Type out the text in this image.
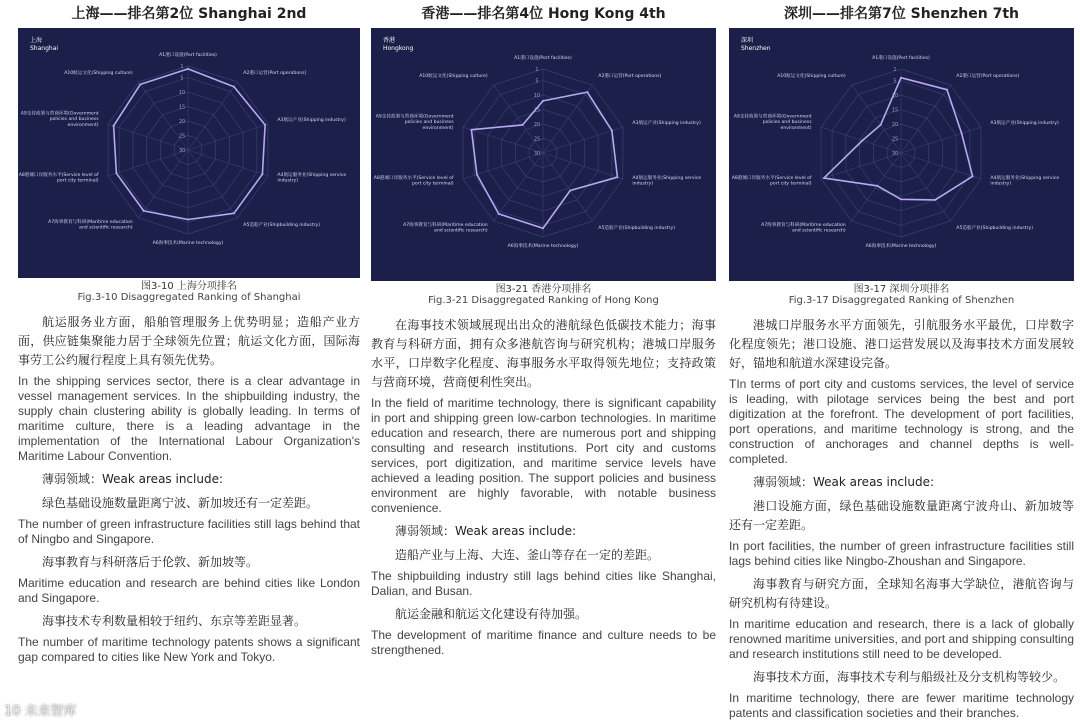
上海——排名第2位 Shanghai 2nd
上海
Shanghai
1
5
10
15
20
25
30
A1港口设施(Port facilities)
A2港口运营(Port operations)
A3航运产业(Shipping industry)
A4航运服务业(Shipping service industry)
A5造船产业(Shipbuilding industry)
A6海事技术(Marine technology)
A7海事教育与科研(Maritime education and scientific research)
A8港城口岸服务水平(Service level of port city terminal)
A9支持政策与营商环境(Government policies and business environment)
A10航运文化(Shipping culture)
图3-10 上海分项排名
Fig.3-10 Disaggregated Ranking of Shanghai
航运服务业方面，船舶管理服务上优势明显；造船产业方面，供应链集聚能力居于全球领先位置；航运文化方面，国际海事劳工公约履行程度上具有领先优势。
In the shipping services sector, there is a clear advantage in vessel management services. In the shipbuilding industry, the supply chain clustering ability is globally leading. In terms of maritime culture, there is a leading advantage in the implementation of the International Labour Organization's Maritime Labour Convention.
薄弱领域：Weak areas include:
绿色基础设施数量距离宁波、新加坡还有一定差距。
The number of green infrastructure facilities still lags behind that of Ningbo and Singapore.
海事教育与科研落后于伦敦、新加坡等。
Maritime education and research are behind cities like London and Singapore.
海事技术专利数量相较于纽约、东京等差距显著。
The number of maritime technology patents shows a significant gap compared to cities like New York and Tokyo.
香港——排名第4位 Hong Kong 4th
香港
Hongkong
1
5
10
15
20
25
30
A1港口设施(Port facilities)
A2港口运营(Port operations)
A3航运产业(Shipping industry)
A4航运服务业(Shipping service industry)
A5造船产业(Shipbuilding industry)
A6海事技术(Marine technology)
A7海事教育与科研(Maritime education and scientific research)
A8港城口岸服务水平(Service level of port city terminal)
A9支持政策与营商环境(Government policies and business environment)
A10航运文化(Shipping culture)
图3-21 香港分项排名
Fig.3-21 Disaggregated Ranking of Hong Kong
在海事技术领域展现出出众的港航绿色低碳技术能力；海事教育与科研方面，拥有众多港航咨询与研究机构；港城口岸服务水平，口岸数字化程度、海事服务水平取得领先地位；支持政策与营商环境，营商便利性突出。
In the field of maritime technology, there is significant capability in port and shipping green low-carbon technologies. In maritime education and research, there are numerous port and shipping consulting and research institutions. Port city and customs services, port digitization, and maritime service levels have achieved a leading position. The support policies and business environment are highly favorable, with notable business convenience.
薄弱领域：Weak areas include:
造船产业与上海、大连、釜山等存在一定的差距。
The shipbuilding industry still lags behind cities like Shanghai, Dalian, and Busan.
航运金融和航运文化建设有待加强。
The development of maritime finance and culture needs to be strengthened.
深圳——排名第7位 Shenzhen 7th
深圳
Shenzhen
1
5
10
15
20
25
30
A1港口设施(Port facilities)
A2港口运营(Port operations)
A3航运产业(Shipping industry)
A4航运服务业(Shipping service industry)
A5造船产业(Shipbuilding industry)
A6海事技术(Marine technology)
A7海事教育与科研(Maritime education and scientific research)
A8港城口岸服务水平(Service level of port city terminal)
A9支持政策与营商环境(Government policies and business environment)
A10航运文化(Shipping culture)
图3-17 深圳分项排名
Fig.3-17 Disaggregated Ranking of Shenzhen
港城口岸服务水平方面领先，引航服务水平最优，口岸数字化程度领先；港口设施、港口运营发展以及海事技术方面发展较好，锚地和航道水深建设完备。
TIn terms of port city and customs services, the level of service is leading, with pilotage services being the best and port digitization at the forefront. The development of port facilities, port operations, and maritime technology is strong, and the construction of anchorages and channel depths is well-completed.
薄弱领域：Weak areas include:
港口设施方面，绿色基础设施数量距离宁波舟山、新加坡等还有一定差距。
In port facilities, the number of green infrastructure facilities still lags behind cities like Ningbo-Zhoushan and Singapore.
海事教育与研究方面，全球知名海事大学缺位，港航咨询与研究机构有待建设。
In maritime education and research, there is a lack of globally renowned maritime universities, and port and shipping consulting and research institutions still need to be developed.
海事技术方面，海事技术专利与船级社及分支机构等较少。
In maritime technology, there are fewer maritime technology patents and classification societies and their branches.
10 未来智库
